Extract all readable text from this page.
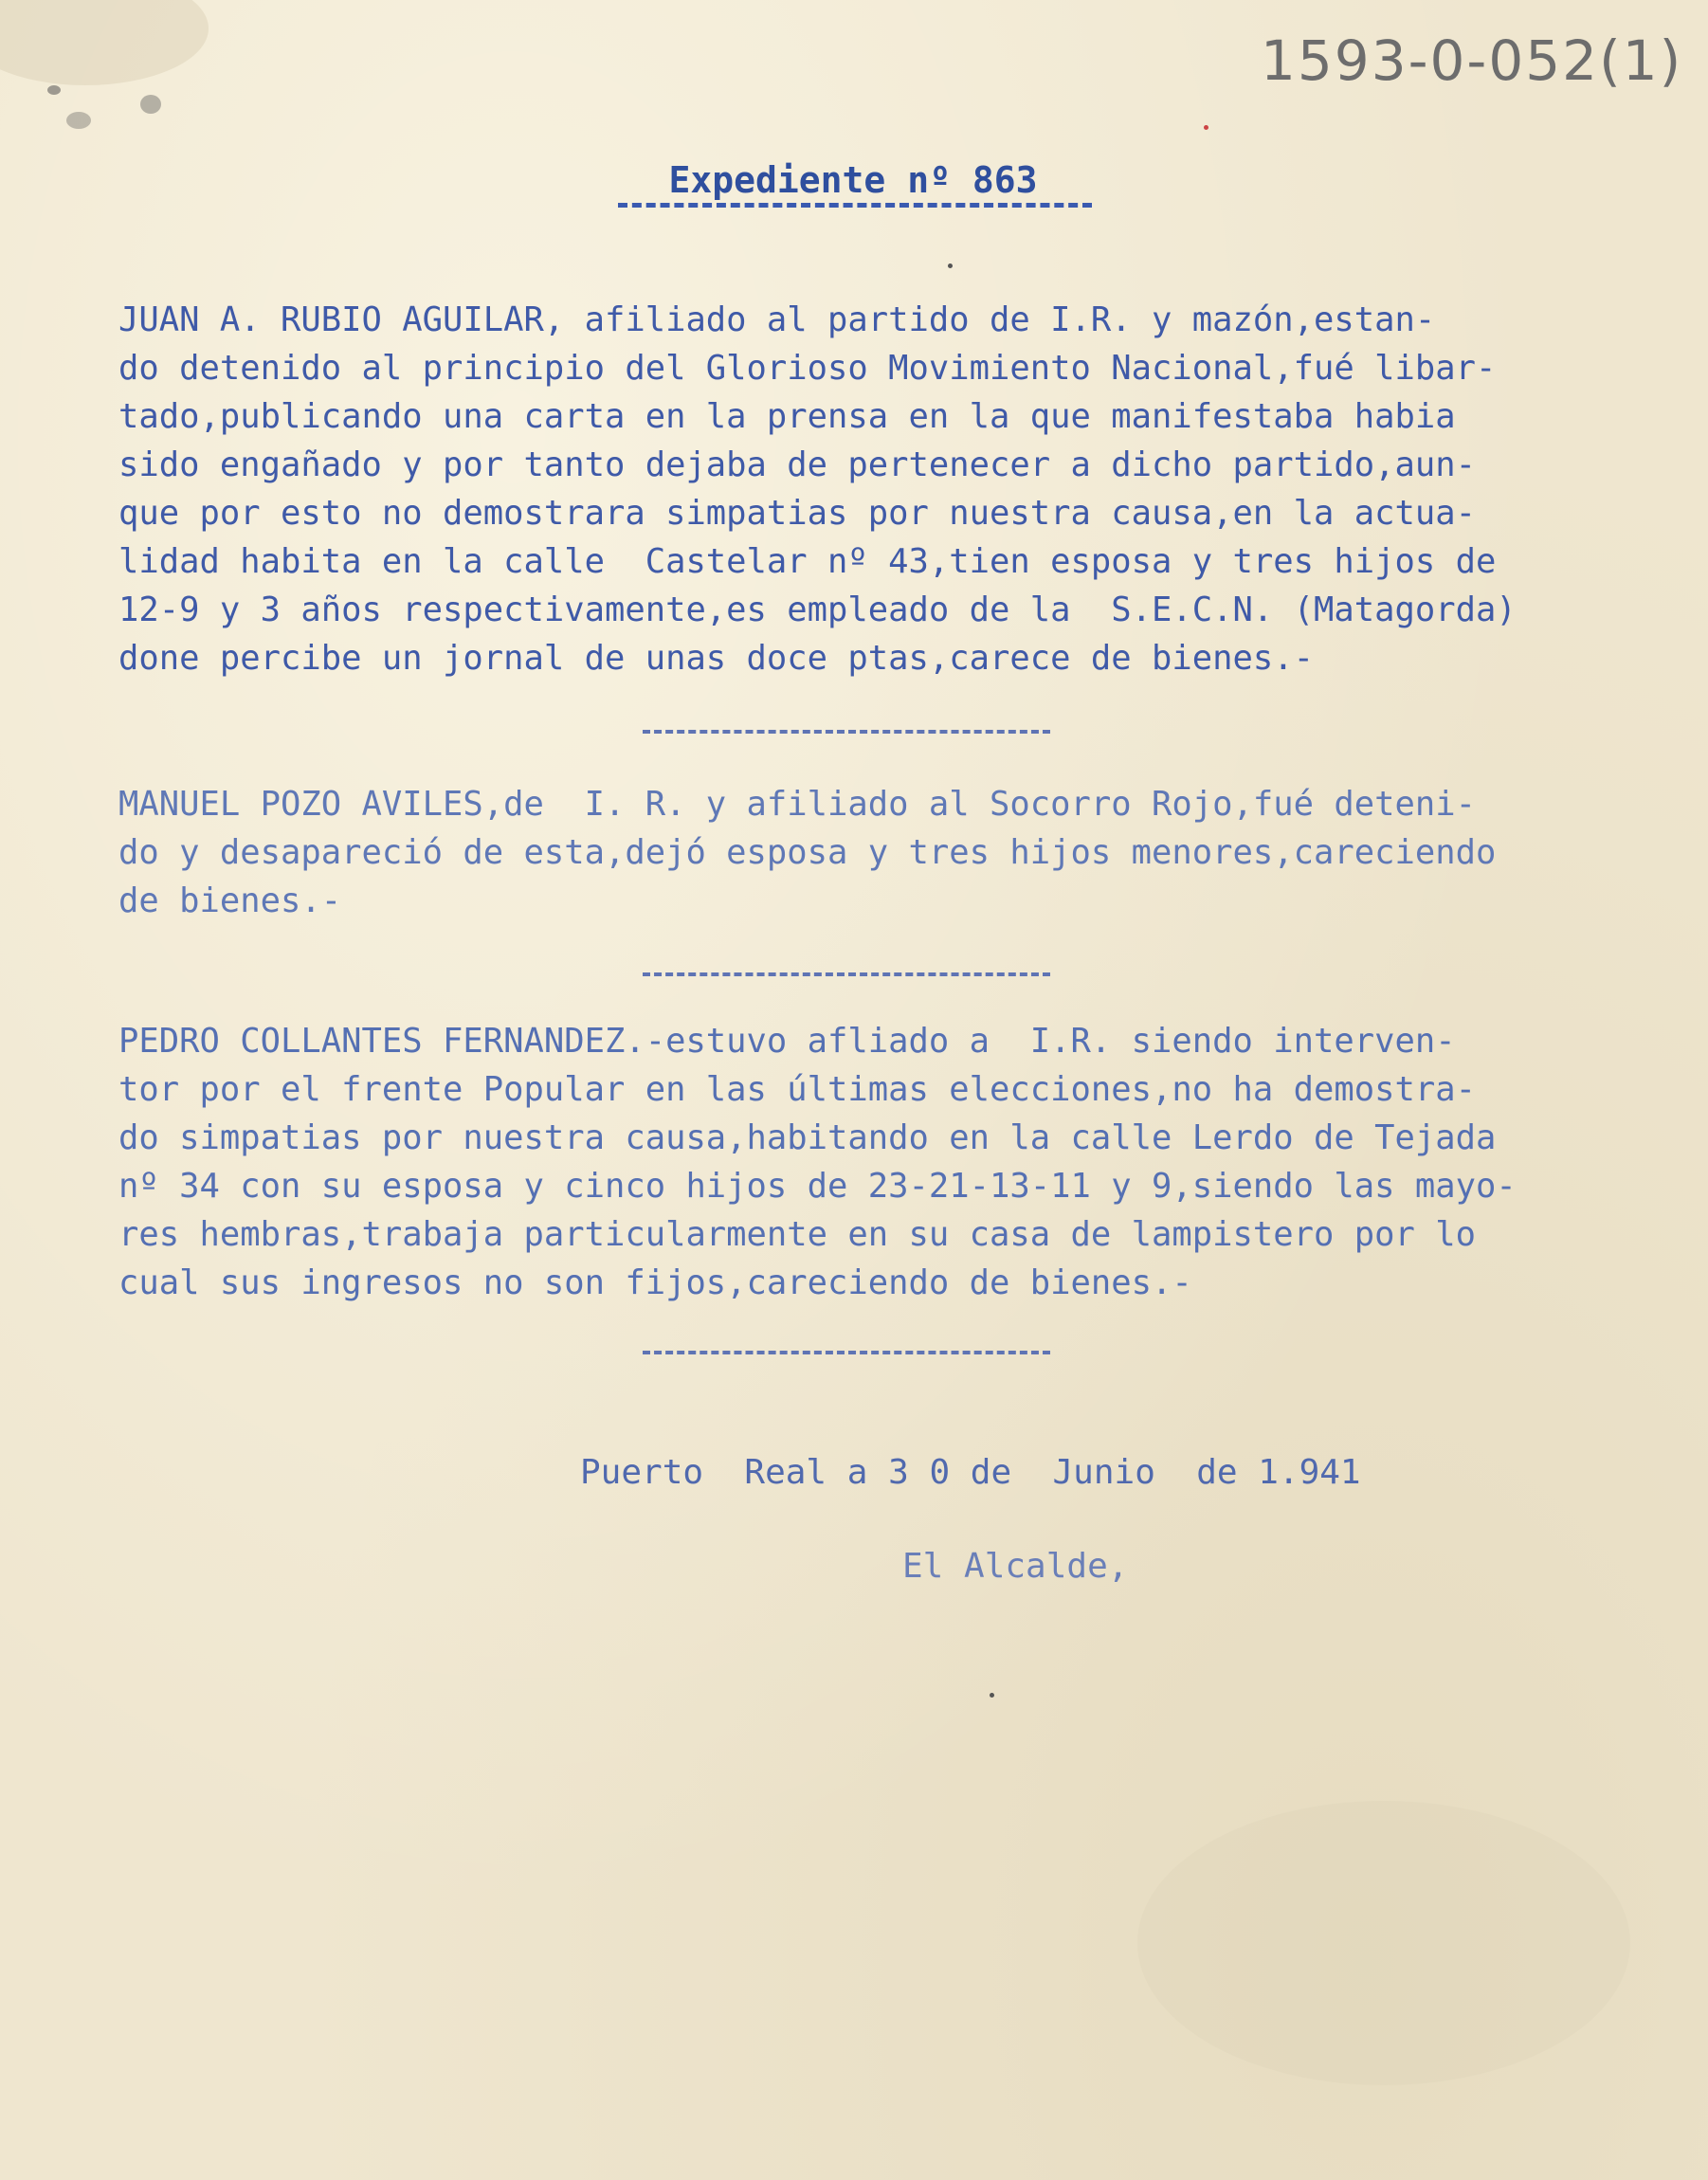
1593-0-052(1)
Expediente nº 863
JUAN A. RUBIO AGUILAR, afiliado al partido de I.R. y mazón,estan-
do detenido al principio del Glorioso Movimiento Nacional,fué libar-
tado,publicando una carta en la prensa en la que manifestaba habia
sido engañado y por tanto dejaba de pertenecer a dicho partido,aun-
que por esto no demostrara simpatias por nuestra causa,en la actua-
lidad habita en la calle  Castelar nº 43,tien esposa y tres hijos de
12-9 y 3 años respectivamente,es empleado de la  S.E.C.N. (Matagorda)
done percibe un jornal de unas doce ptas,carece de bienes.-
MANUEL POZO AVILES,de  I. R. y afiliado al Socorro Rojo,fué deteni-
do y desapareció de esta,dejó esposa y tres hijos menores,careciendo
de bienes.-
PEDRO COLLANTES FERNANDEZ.-estuvo afliado a  I.R. siendo interven-
tor por el frente Popular en las últimas elecciones,no ha demostra-
do simpatias por nuestra causa,habitando en la calle Lerdo de Tejada
nº 34 con su esposa y cinco hijos de 23-21-13-11 y 9,siendo las mayo-
res hembras,trabaja particularmente en su casa de lampistero por lo
cual sus ingresos no son fijos,careciendo de bienes.-
Puerto  Real a 3 0 de  Junio  de 1.941
El Alcalde,
